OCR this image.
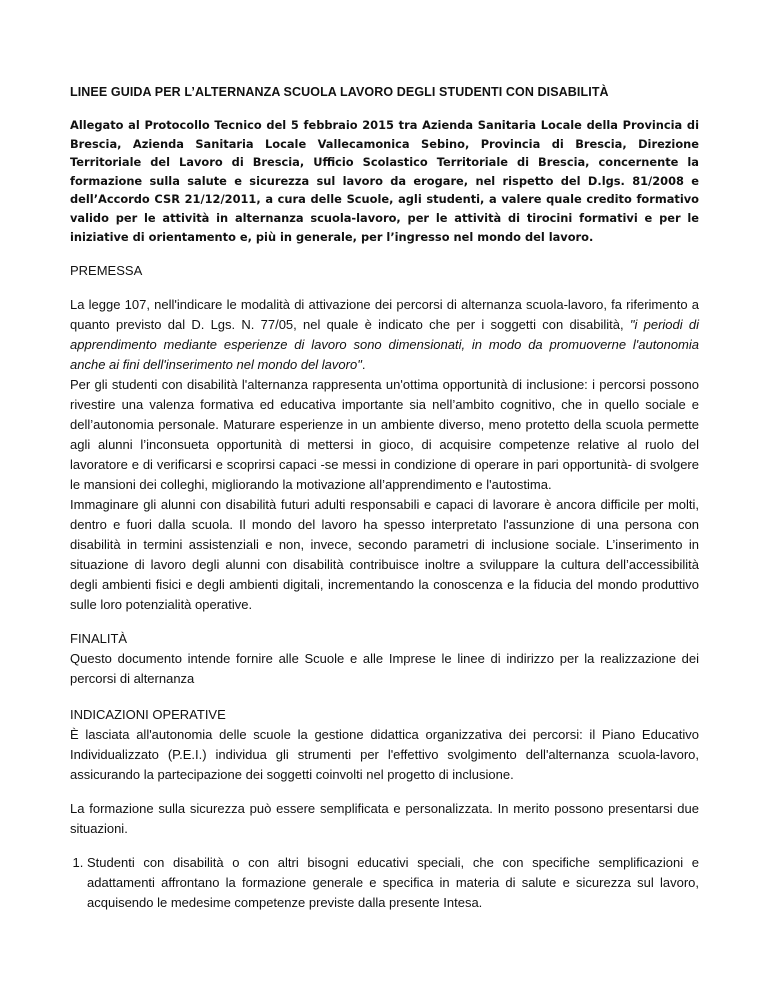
LINEE GUIDA PER L’ALTERNANZA SCUOLA LAVORO DEGLI STUDENTI CON DISABILITÀ

Allegato al Protocollo Tecnico del 5 febbraio 2015 tra Azienda Sanitaria Locale della Provincia di Brescia, Azienda Sanitaria Locale Vallecamonica Sebino, Provincia di Brescia, Direzione Territoriale del Lavoro di Brescia, Ufficio Scolastico Territoriale di Brescia, concernente la formazione sulla salute e sicurezza sul lavoro da erogare, nel rispetto del D.lgs. 81/2008 e dell’Accordo CSR 21/12/2011, a cura delle Scuole, agli studenti, a valere quale credito formativo valido per le attività in alternanza scuola-lavoro, per le attività di tirocini formativi e per le iniziative di orientamento e, più in generale, per l’ingresso nel mondo del lavoro.

PREMESSA

La legge 107, nell'indicare le modalità di attivazione dei percorsi di alternanza scuola-lavoro, fa riferimento a quanto previsto dal D. Lgs. N. 77/05, nel quale è indicato che per i soggetti con disabilità, "i periodi di apprendimento mediante esperienze di lavoro sono dimensionati, in modo da promuoverne l'autonomia anche ai fini dell'inserimento nel mondo del lavoro".

Per gli studenti con disabilità l'alternanza rappresenta un'ottima opportunità di inclusione: i percorsi possono rivestire una valenza formativa ed educativa importante sia nell’ambito cognitivo, che in quello sociale e dell’autonomia personale. Maturare esperienze in un ambiente diverso, meno protetto della scuola permette agli alunni l’inconsueta opportunità di mettersi in gioco, di acquisire competenze relative al ruolo del lavoratore e di verificarsi e scoprirsi capaci -se messi in condizione di operare in pari opportunità- di svolgere le mansioni dei colleghi, migliorando la motivazione all’apprendimento e l'autostima.

Immaginare gli alunni con disabilità futuri adulti responsabili e capaci di lavorare è ancora difficile per molti, dentro e fuori dalla scuola. Il mondo del lavoro ha spesso interpretato l'assunzione di una persona con disabilità in termini assistenziali e non, invece, secondo parametri di inclusione sociale. L’inserimento in situazione di lavoro degli alunni con disabilità contribuisce inoltre a sviluppare la cultura dell’accessibilità degli ambienti fisici e degli ambienti digitali, incrementando la conoscenza e la fiducia del mondo produttivo sulle loro potenzialità operative.

FINALITÀ

Questo documento intende fornire alle Scuole e alle Imprese le linee di indirizzo per la realizzazione dei percorsi di alternanza

INDICAZIONI OPERATIVE

È lasciata all'autonomia delle scuole la gestione didattica organizzativa dei percorsi: il Piano Educativo Individualizzato (P.E.I.) individua gli strumenti per l'effettivo svolgimento dell'alternanza scuola-lavoro, assicurando la partecipazione dei soggetti coinvolti nel progetto di inclusione.

La formazione sulla sicurezza può essere semplificata e personalizzata. In merito possono presentarsi due situazioni.

1. Studenti con disabilità o con altri bisogni educativi speciali, che con specifiche semplificazioni e adattamenti affrontano la formazione generale e specifica in materia di salute e sicurezza sul lavoro, acquisendo le medesime competenze previste dalla presente Intesa.
